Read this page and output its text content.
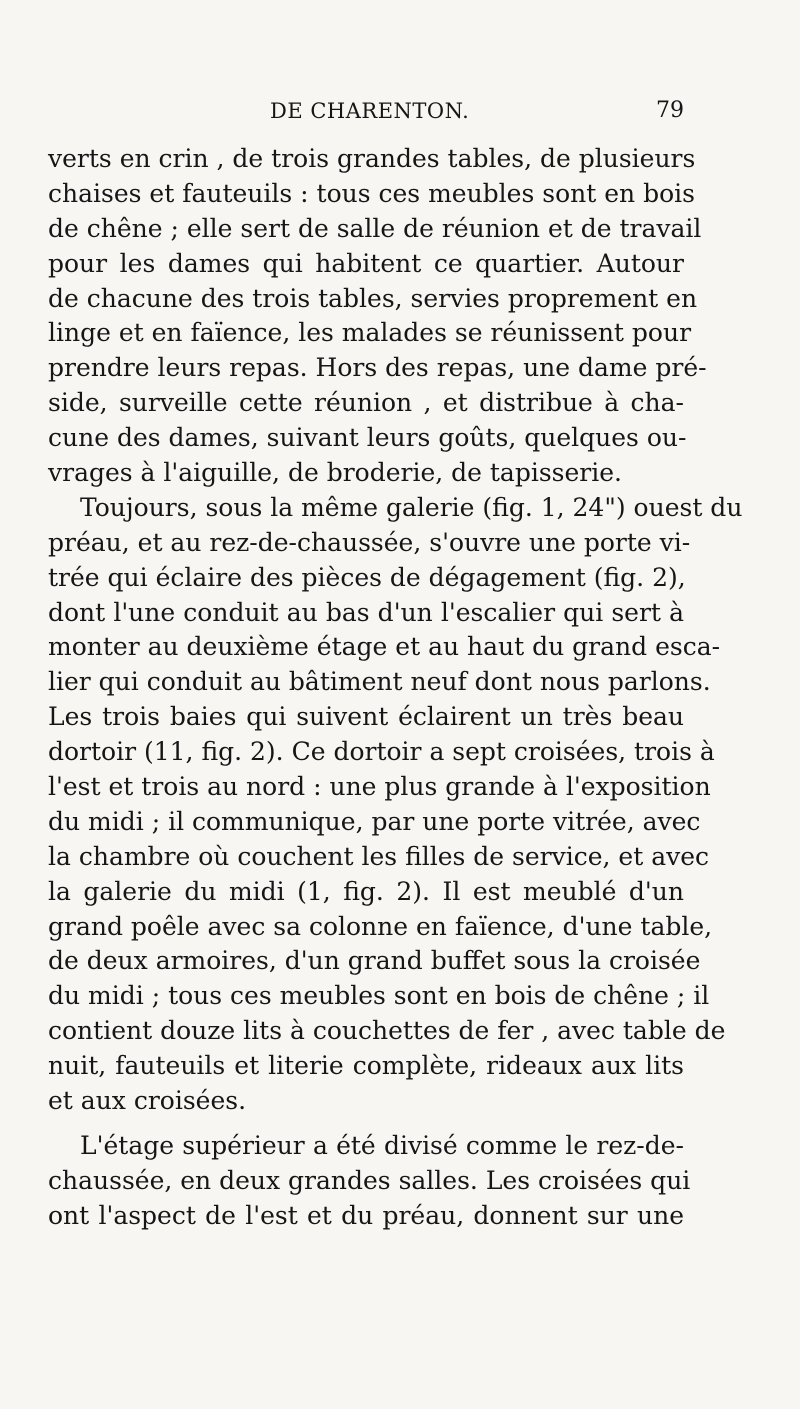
DE CHARENTON.	79
verts en crin , de trois grandes tables, de plusieurs
chaises et fauteuils : tous ces meubles sont en bois
de chêne ; elle sert de salle de réunion et de travail
pour les dames qui habitent ce quartier. Autour
de chacune des trois tables, servies proprement en
linge et en faïence, les malades se réunissent pour
prendre leurs repas. Hors des repas, une dame pré-
side, surveille cette réunion , et distribue à cha-
cune des dames, suivant leurs goûts, quelques ou-
vrages à l'aiguille, de broderie, de tapisserie.
Toujours, sous la même galerie (fig. 1, 24") ouest du
préau, et au rez-de-chaussée, s'ouvre une porte vi-
trée qui éclaire des pièces de dégagement (fig. 2),
dont l'une conduit au bas d'un l'escalier qui sert à
monter au deuxième étage et au haut du grand esca-
lier qui conduit au bâtiment neuf dont nous parlons.
Les trois baies qui suivent éclairent un très beau
dortoir (11, fig. 2). Ce dortoir a sept croisées, trois à
l'est et trois au nord : une plus grande à l'exposition
du midi ; il communique, par une porte vitrée, avec
la chambre où couchent les filles de service, et avec
la galerie du midi (1, fig. 2). Il est meublé d'un
grand poêle avec sa colonne en faïence, d'une table,
de deux armoires, d'un grand buffet sous la croisée
du midi ; tous ces meubles sont en bois de chêne ; il
contient douze lits à couchettes de fer , avec table de
nuit, fauteuils et literie complète, rideaux aux lits
et aux croisées.
L'étage supérieur a été divisé comme le rez-de-
chaussée, en deux grandes salles. Les croisées qui
ont l'aspect de l'est et du préau, donnent sur une
